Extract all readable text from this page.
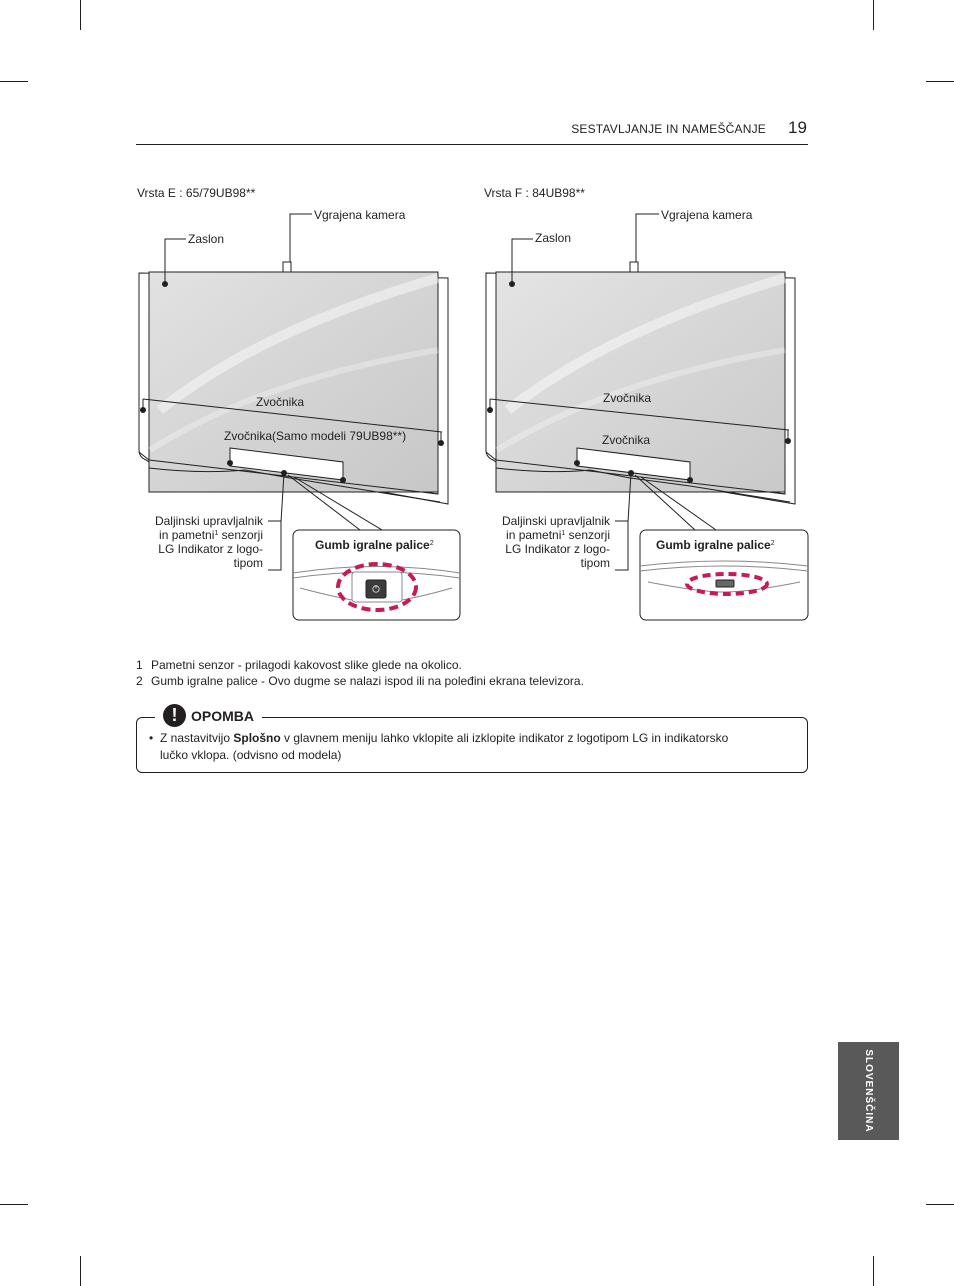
SESTAVLJANJE IN NAMEŠČANJE 19
Vrsta E : 65/79UB98**
Vgrajena kamera
Zaslon
Zvočnika
Zvočnika(Samo modeli 79UB98**)
Daljinski upravljalnik
in pametni$^1$ senzorji
LG Indikator z logo-
tipom
Gumb igralne palice$^2$
Vrsta F : 84UB98**
Vgrajena kamera
Zaslon
Zvočnika
Zvočnika
Daljinski upravljalnik
in pametni$^1$ senzorji
LG Indikator z logo-
tipom
Gumb igralne palice$^2$
1 Pametni senzor - prilagodi kakovost slike glede na okolico.
2 Gumb igralne palice - Ovo dugme se nalazi ispod ili na poleđini ekrana televizora.
! OPOMBA
• Z nastavitvijo Splošno v glavnem meniju lahko vklopite ali izklopite indikator z logotipom LG in indikatorsko
lučko vklopa. (odvisno od modela)
SLOVENŠČINA
